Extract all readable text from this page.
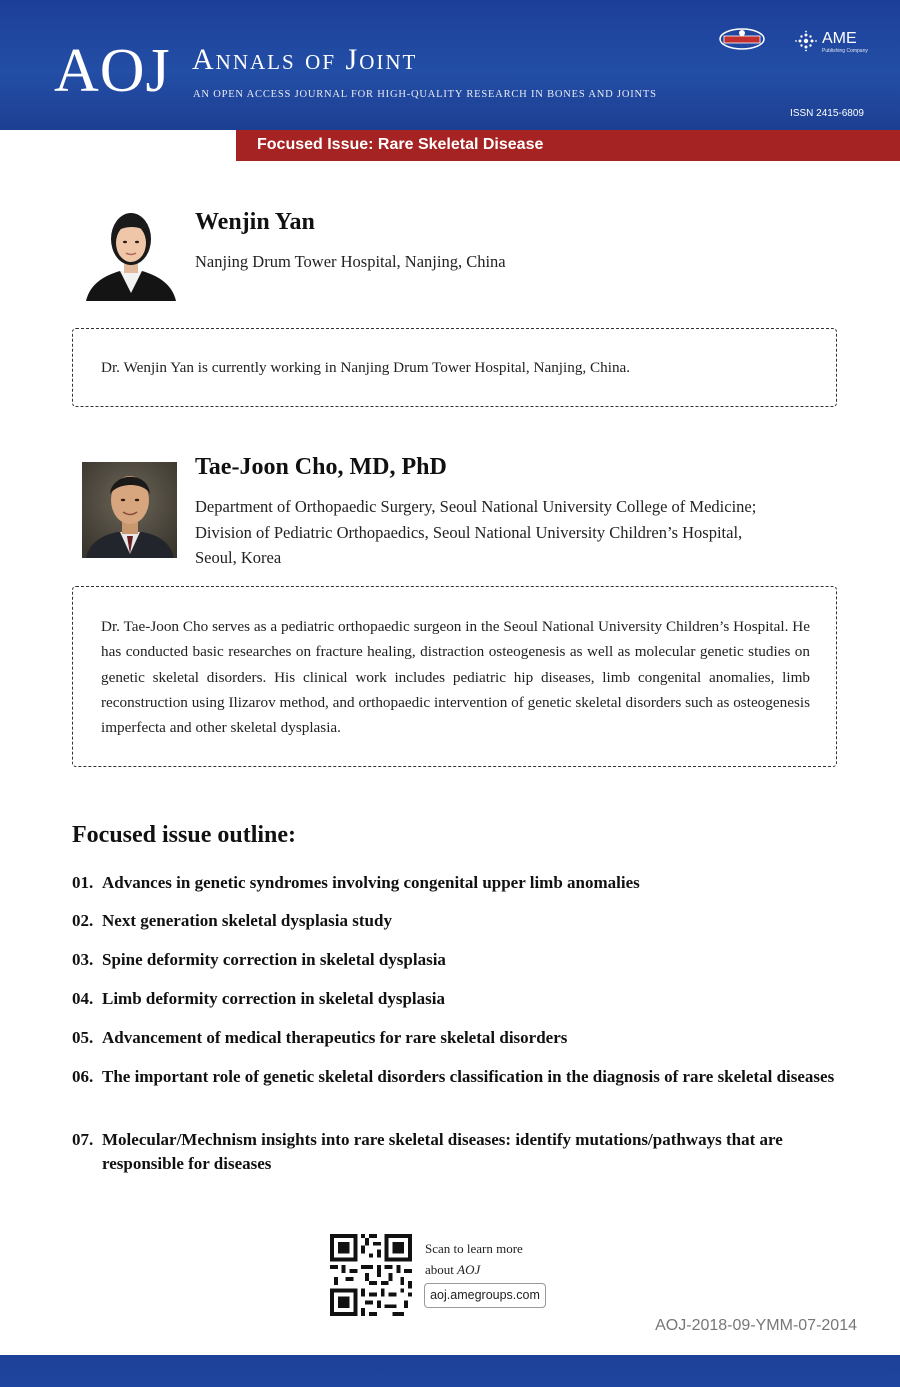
AOJ Annals of Joint
AN OPEN ACCESS JOURNAL FOR HIGH-QUALITY RESEARCH IN BONES AND JOINTS
AME
Publishing Company
ISSN 2415-6809
Focused Issue: Rare Skeletal Disease
Wenjin Yan
Nanjing Drum Tower Hospital, Nanjing, China
Dr. Wenjin Yan is currently working in Nanjing Drum Tower Hospital, Nanjing, China.
Tae-Joon Cho, MD, PhD
Department of Orthopaedic Surgery, Seoul National University College of Medicine;
Division of Pediatric Orthopaedics, Seoul National University Children’s Hospital,
Seoul, Korea
Dr. Tae-Joon Cho serves as a pediatric orthopaedic surgeon in the Seoul National University Children’s Hospital. He has conducted basic researches on fracture healing, distraction osteogenesis as well as molecular genetic studies on genetic skeletal disorders. His clinical work includes pediatric hip diseases, limb congenital anomalies, limb reconstruction using Ilizarov method, and orthopaedic intervention of genetic skeletal disorders such as osteogenesis imperfecta and other skeletal dysplasia.
Focused issue outline:
01. Advances in genetic syndromes involving congenital upper limb anomalies
02. Next generation skeletal dysplasia study
03. Spine deformity correction in skeletal dysplasia
04. Limb deformity correction in skeletal dysplasia
05. Advancement of medical therapeutics for rare skeletal disorders
06. The important role of genetic skeletal disorders classification in the diagnosis of rare skeletal diseases
07. Molecular/Mechnism insights into rare skeletal diseases: identify mutations/pathways that are responsible for diseases
Scan to learn more
about AOJ
aoj.amegroups.com
AOJ-2018-09-YMM-07-2014
